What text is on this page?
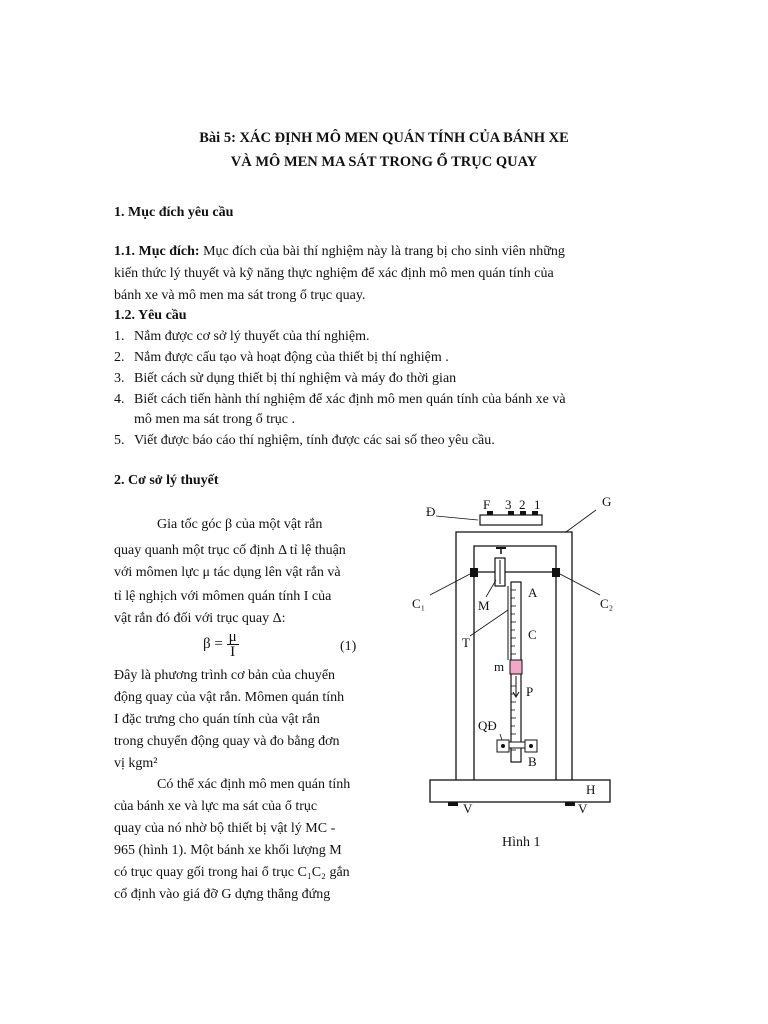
Bài 5: XÁC ĐỊNH MÔ MEN QUÁN TÍNH CỦA BÁNH XE
VÀ MÔ MEN MA SÁT TRONG Ổ TRỤC QUAY
1. Mục đích yêu cầu
1.1. Mục đích: Mục đích của bài thí nghiệm này là trang bị cho sinh viên những
kiến thức lý thuyết và kỹ năng thực nghiệm để xác định mô men quán tính của
bánh xe và mô men ma sát trong ổ trục quay.
1.2. Yêu cầu
1. Nắm được cơ sở lý thuyết của thí nghiệm.
2. Nắm được cấu tạo và hoạt động của thiết bị thí nghiệm .
3. Biết cách sử dụng thiết bị thí nghiệm và máy đo thời gian
4. Biết cách tiến hành thí nghiệm để xác định mô men quán tính của bánh xe và
mô men ma sát trong ổ trục .
5. Viết được báo cáo thí nghiệm, tính được các sai số theo yêu cầu.
2. Cơ sở lý thuyết
Gia tốc góc β của một vật rắn
quay quanh một trục cố định Δ tỉ lệ thuận
với mômen lực μ tác dụng lên vật rắn và
tỉ lệ nghịch với mômen quán tính I của
vật rắn đó đối với trục quay Δ:
$\beta = \frac{\mu}{I}$	(1)
Đây là phương trình cơ bản của chuyển
động quay của vật rắn. Mômen quán tính
I đặc trưng cho quán tính của vật rắn
trong chuyển động quay và đo bằng đơn
vị kgm²
Có thể xác định mô men quán tính
của bánh xe và lực ma sát của ổ trục
quay của nó nhờ bộ thiết bị vật lý MC -
965 (hình 1). Một bánh xe khối lượng M
có trục quay gối trong hai ổ trục C₁C₂ gắn
cố định vào giá đỡ G dựng thẳng đứng
Đ	F 3 2 1	G
C₁	C₂
M
A
T
C
m
P
QĐ
B
H
V	V
Hình 1
